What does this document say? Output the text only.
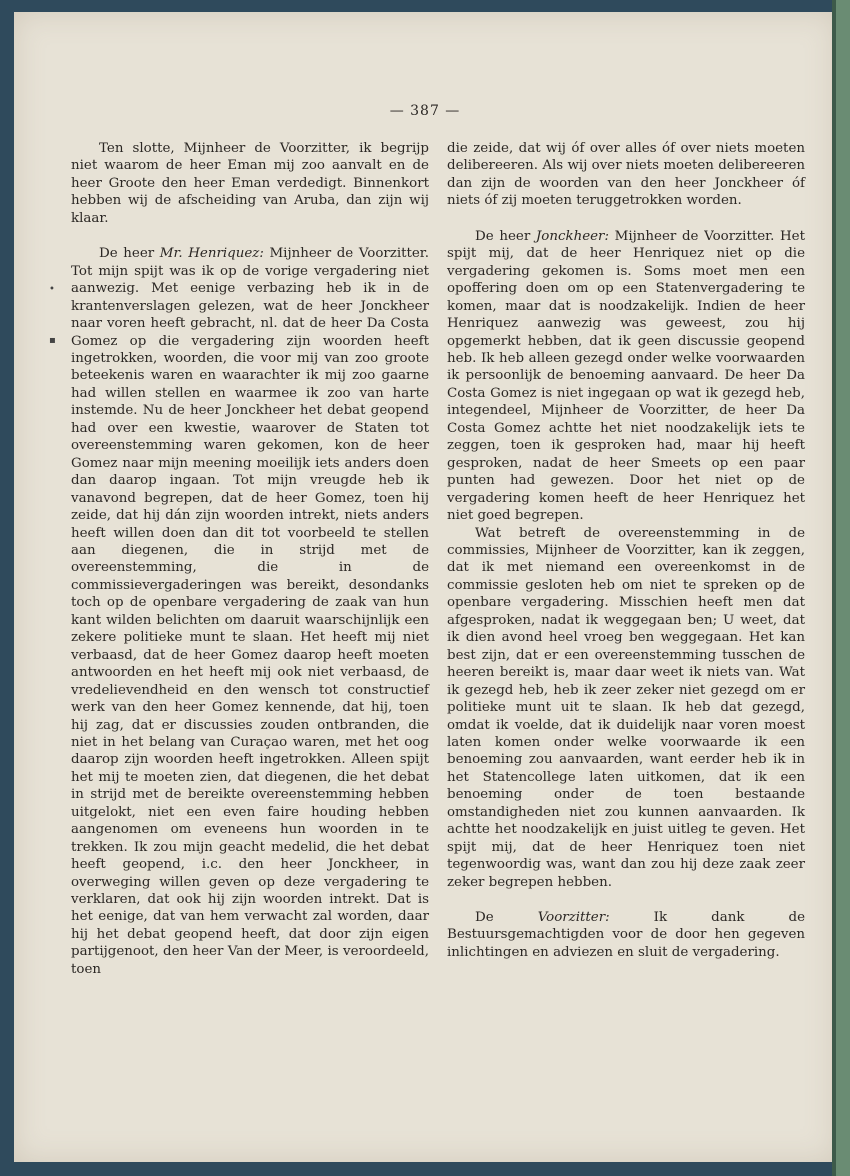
— 387 —
•
▪

Ten slotte, Mijnheer de Voorzitter, ik begrijp niet waarom de heer Eman mij zoo aanvalt en de heer Groote den heer Eman verdedigt. Binnenkort hebben wij de afscheiding van Aruba, dan zijn wij klaar.

De heer Mr. Henriquez: Mijnheer de Voorzitter. Tot mijn spijt was ik op de vorige vergadering niet aanwezig. Met eenige verbazing heb ik in de krantenverslagen gelezen, wat de heer Jonckheer naar voren heeft gebracht, nl. dat de heer Da Costa Gomez op die vergadering zijn woorden heeft ingetrokken, woorden, die voor mij van zoo groote beteekenis waren en waarachter ik mij zoo gaarne had willen stellen en waarmee ik zoo van harte instemde. Nu de heer Jonckheer het debat geopend had over een kwestie, waarover de Staten tot overeenstemming waren gekomen, kon de heer Gomez naar mijn meening moeilijk iets anders doen dan daarop ingaan. Tot mijn vreugde heb ik vanavond begrepen, dat de heer Gomez, toen hij zeide, dat hij dán zijn woorden intrekt, niets anders heeft willen doen dan dit tot voorbeeld te stellen aan diegenen, die in strijd met de overeenstemming, die in de commissievergaderingen was bereikt, desondanks toch op de openbare vergadering de zaak van hun kant wilden belichten om daaruit waarschijnlijk een zekere politieke munt te slaan. Het heeft mij niet verbaasd, dat de heer Gomez daarop heeft moeten antwoorden en het heeft mij ook niet verbaasd, de vredelievendheid en den wensch tot constructief werk van den heer Gomez kennende, dat hij, toen hij zag, dat er discussies zouden ontbranden, die niet in het belang van Curaçao waren, met het oog daarop zijn woorden heeft ingetrokken. Alleen spijt het mij te moeten zien, dat diegenen, die het debat in strijd met de bereikte overeenstemming hebben uitgelokt, niet een even faire houding hebben aangenomen om eveneens hun woorden in te trekken. Ik zou mijn geacht medelid, die het debat heeft geopend, i.c. den heer Jonckheer, in overweging willen geven op deze vergadering te verklaren, dat ook hij zijn woorden intrekt. Dat is het eenige, dat van hem verwacht zal worden, daar hij het debat geopend heeft, dat door zijn eigen partijgenoot, den heer Van der Meer, is veroordeeld, toen

die zeide, dat wij óf over alles óf over niets moeten delibereeren. Als wij over niets moeten delibereeren dan zijn de woorden van den heer Jonckheer óf niets óf zij moeten teruggetrokken worden.

De heer Jonckheer: Mijnheer de Voorzitter. Het spijt mij, dat de heer Henriquez niet op die vergadering gekomen is. Soms moet men een opoffering doen om op een Statenvergadering te komen, maar dat is noodzakelijk. Indien de heer Henriquez aanwezig was geweest, zou hij opgemerkt hebben, dat ik geen discussie geopend heb. Ik heb alleen gezegd onder welke voorwaarden ik persoonlijk de benoeming aanvaard. De heer Da Costa Gomez is niet ingegaan op wat ik gezegd heb, integendeel, Mijnheer de Voorzitter, de heer Da Costa Gomez achtte het niet noodzakelijk iets te zeggen, toen ik gesproken had, maar hij heeft gesproken, nadat de heer Smeets op een paar punten had gewezen. Door het niet op de vergadering komen heeft de heer Henriquez het niet goed begrepen.

Wat betreft de overeenstemming in de commissies, Mijnheer de Voorzitter, kan ik zeggen, dat ik met niemand een overeenkomst in de commissie gesloten heb om niet te spreken op de openbare vergadering. Misschien heeft men dat afgesproken, nadat ik weggegaan ben; U weet, dat ik dien avond heel vroeg ben weggegaan. Het kan best zijn, dat er een overeenstemming tusschen de heeren bereikt is, maar daar weet ik niets van. Wat ik gezegd heb, heb ik zeer zeker niet gezegd om er politieke munt uit te slaan. Ik heb dat gezegd, omdat ik voelde, dat ik duidelijk naar voren moest laten komen onder welke voorwaarde ik een benoeming zou aanvaarden, want eerder heb ik in het Statencollege laten uitkomen, dat ik een benoeming onder de toen bestaande omstandigheden niet zou kunnen aanvaarden. Ik achtte het noodzakelijk en juist uitleg te geven. Het spijt mij, dat de heer Henriquez toen niet tegenwoordig was, want dan zou hij deze zaak zeer zeker begrepen hebben.

De Voorzitter: Ik dank de Bestuursgemachtigden voor de door hen gegeven inlichtingen en adviezen en sluit de vergadering.
